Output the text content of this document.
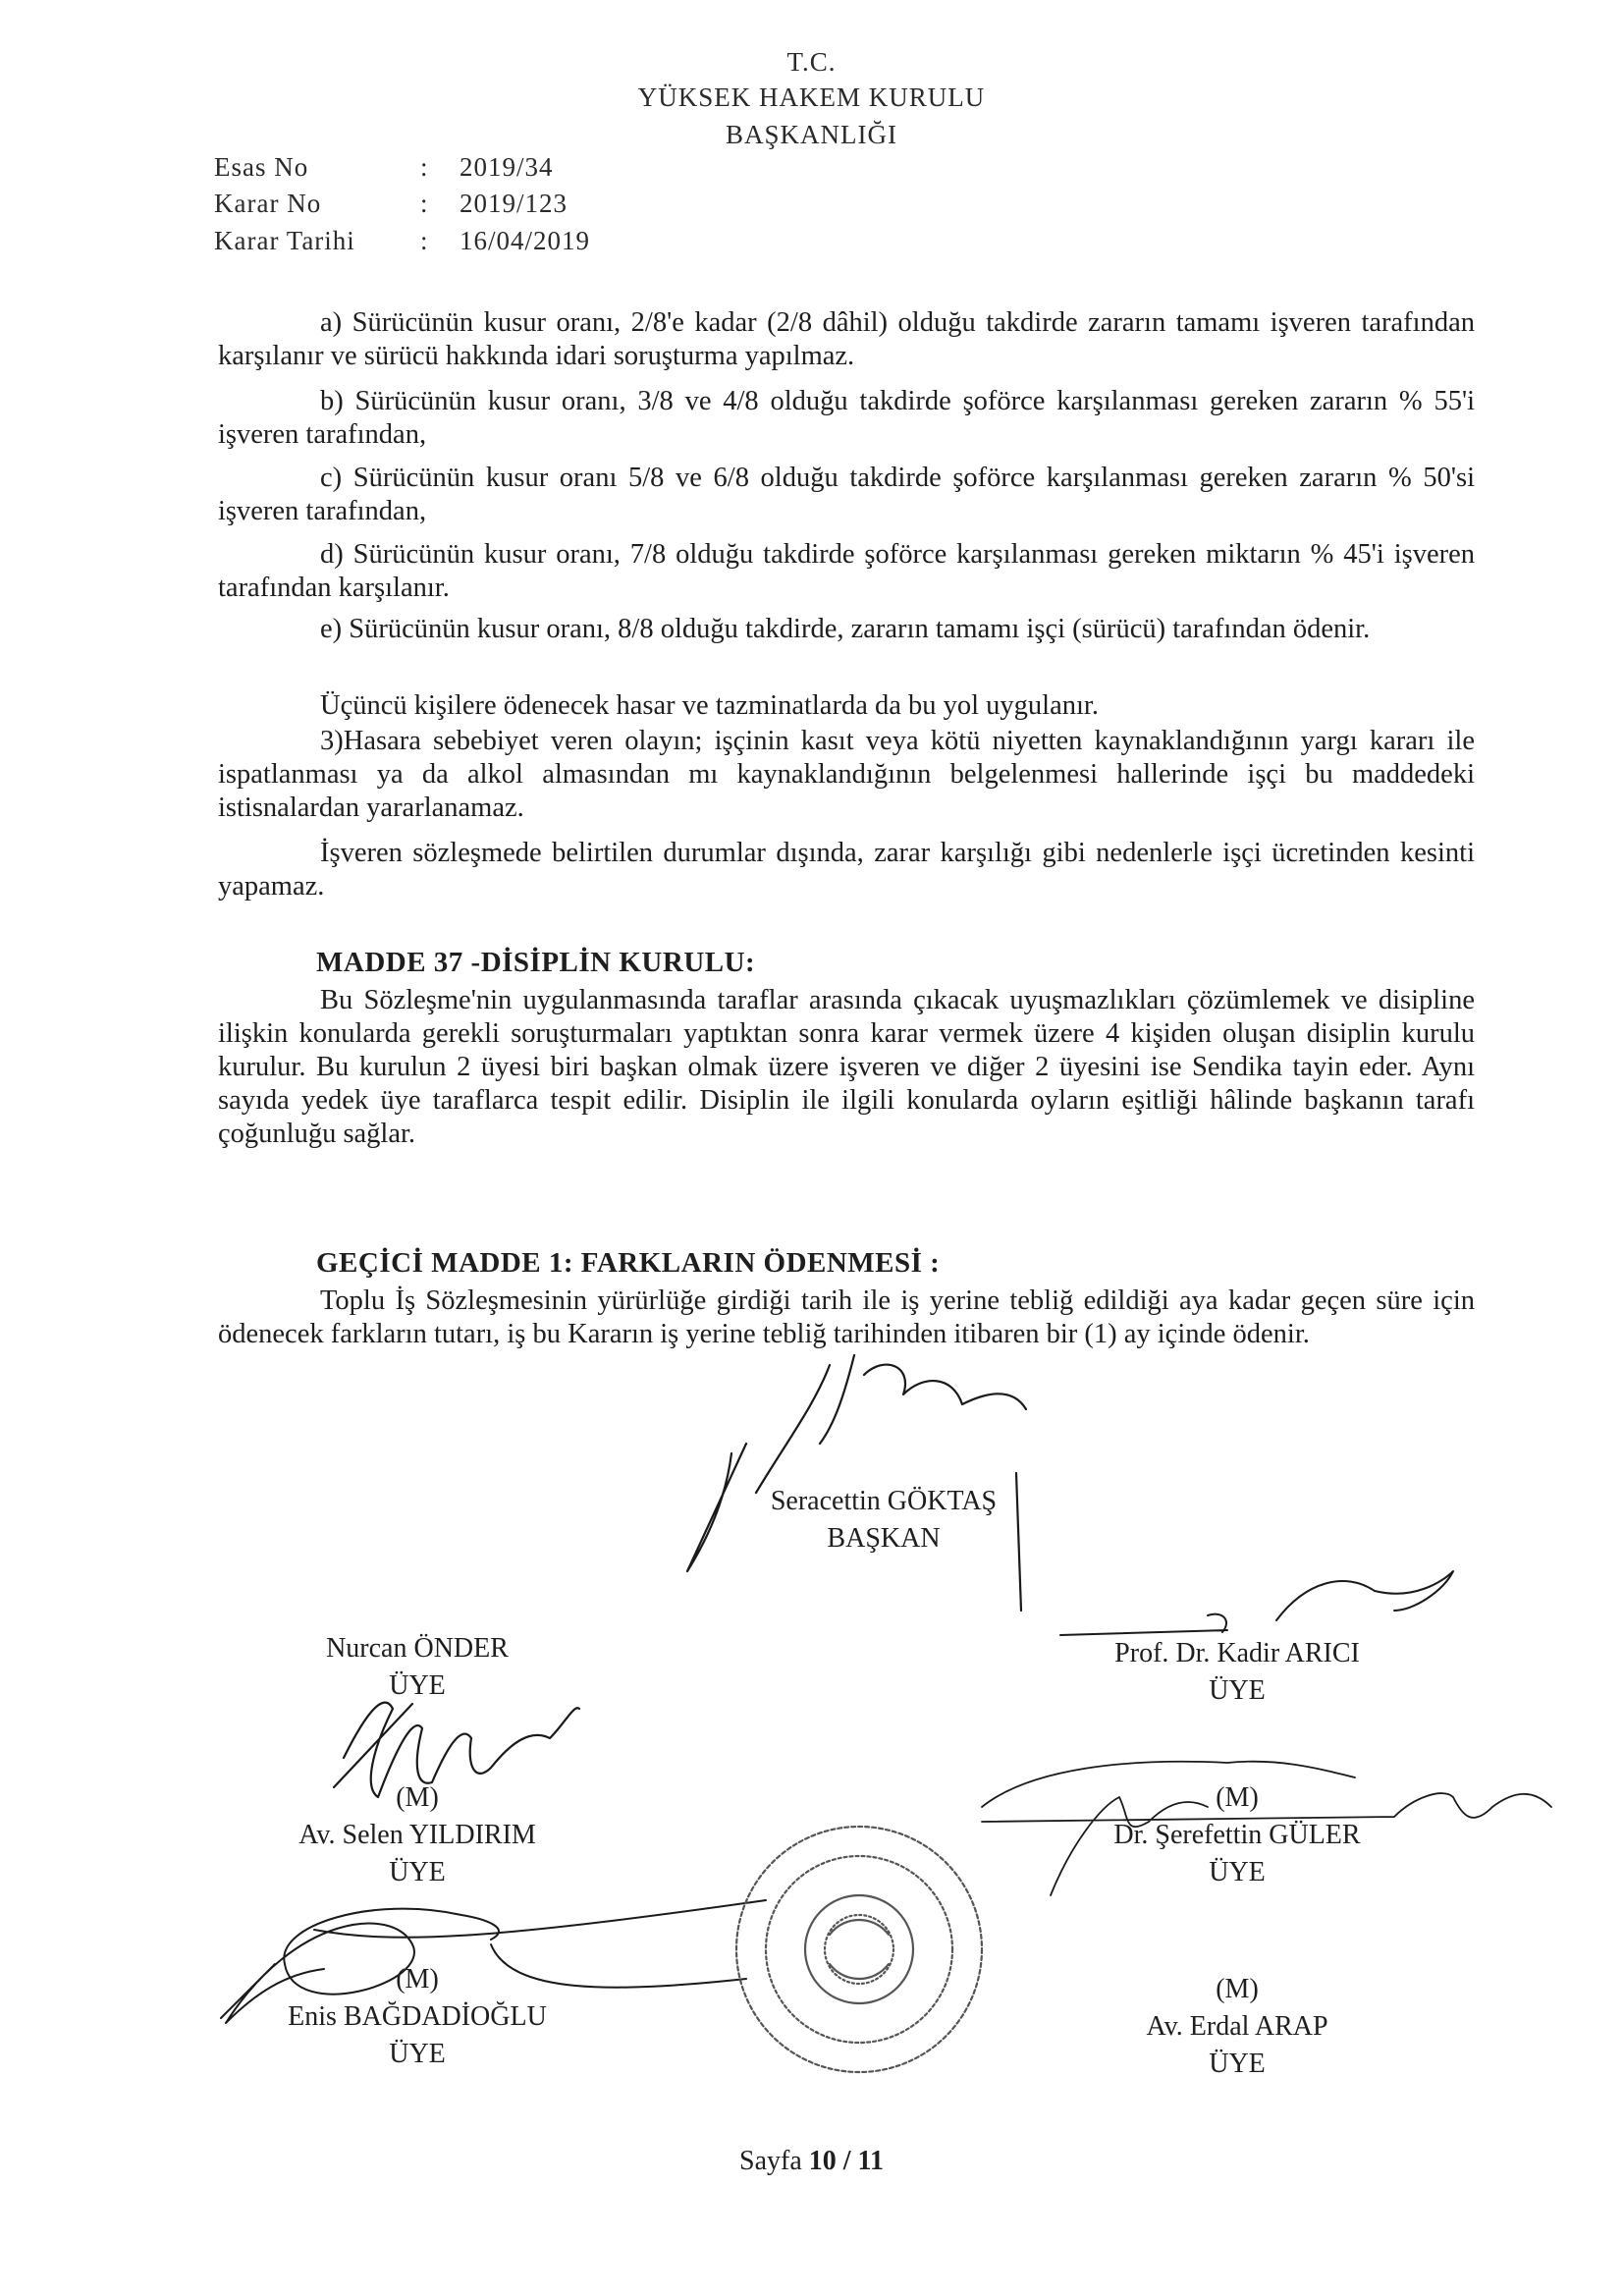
T.C.
YÜKSEK HAKEM KURULU
BAŞKANLIĞI
Esas No	: 2019/34
Karar No	: 2019/123
Karar Tarihi : 16/04/2019
a) Sürücünün kusur oranı, 2/8'e kadar (2/8 dâhil) olduğu takdirde zararın tamamı işveren tarafından karşılanır ve sürücü hakkında idari soruşturma yapılmaz.
b) Sürücünün kusur oranı, 3/8 ve 4/8 olduğu takdirde şoförce karşılanması gereken zararın % 55'i işveren tarafından,
c) Sürücünün kusur oranı 5/8 ve 6/8 olduğu takdirde şoförce karşılanması gereken zararın % 50'si işveren tarafından,
d) Sürücünün kusur oranı, 7/8 olduğu takdirde şoförce karşılanması gereken miktarın % 45'i işveren tarafından karşılanır.
e) Sürücünün kusur oranı, 8/8 olduğu takdirde, zararın tamamı işçi (sürücü) tarafından ödenir.
Üçüncü kişilere ödenecek hasar ve tazminatlarda da bu yol uygulanır.
3)Hasara sebebiyet veren olayın; işçinin kasıt veya kötü niyetten kaynaklandığının yargı kararı ile ispatlanması ya da alkol almasından mı kaynaklandığının belgelenmesi hallerinde işçi bu maddedeki istisnalardan yararlanamaz.
İşveren sözleşmede belirtilen durumlar dışında, zarar karşılığı gibi nedenlerle işçi ücretinden kesinti yapamaz.
MADDE 37 -DİSİPLİN KURULU:
Bu Sözleşme'nin uygulanmasında taraflar arasında çıkacak uyuşmazlıkları çözümlemek ve disipline ilişkin konularda gerekli soruşturmaları yaptıktan sonra karar vermek üzere 4 kişiden oluşan disiplin kurulu kurulur. Bu kurulun 2 üyesi biri başkan olmak üzere işveren ve diğer 2 üyesini ise Sendika tayin eder. Aynı sayıda yedek üye taraflarca tespit edilir. Disiplin ile ilgili konularda oyların eşitliği hâlinde başkanın tarafı çoğunluğu sağlar.
GEÇİCİ MADDE 1: FARKLARIN ÖDENMESİ :
Toplu İş Sözleşmesinin yürürlüğe girdiği tarih ile iş yerine tebliğ edildiği aya kadar geçen süre için ödenecek farkların tutarı, iş bu Kararın iş yerine tebliğ tarihinden itibaren bir (1) ay içinde ödenir.
Seracettin GÖKTAŞ
BAŞKAN
Nurcan ÖNDER
ÜYE
Prof. Dr. Kadir ARICI
ÜYE
(M)
Av. Selen YILDIRIM
ÜYE
(M)
Dr. Şerefettin GÜLER
ÜYE
(M)
Enis BAĞDADİOĞLU
ÜYE
(M)
Av. Erdal ARAP
ÜYE
Sayfa 10 / 11
